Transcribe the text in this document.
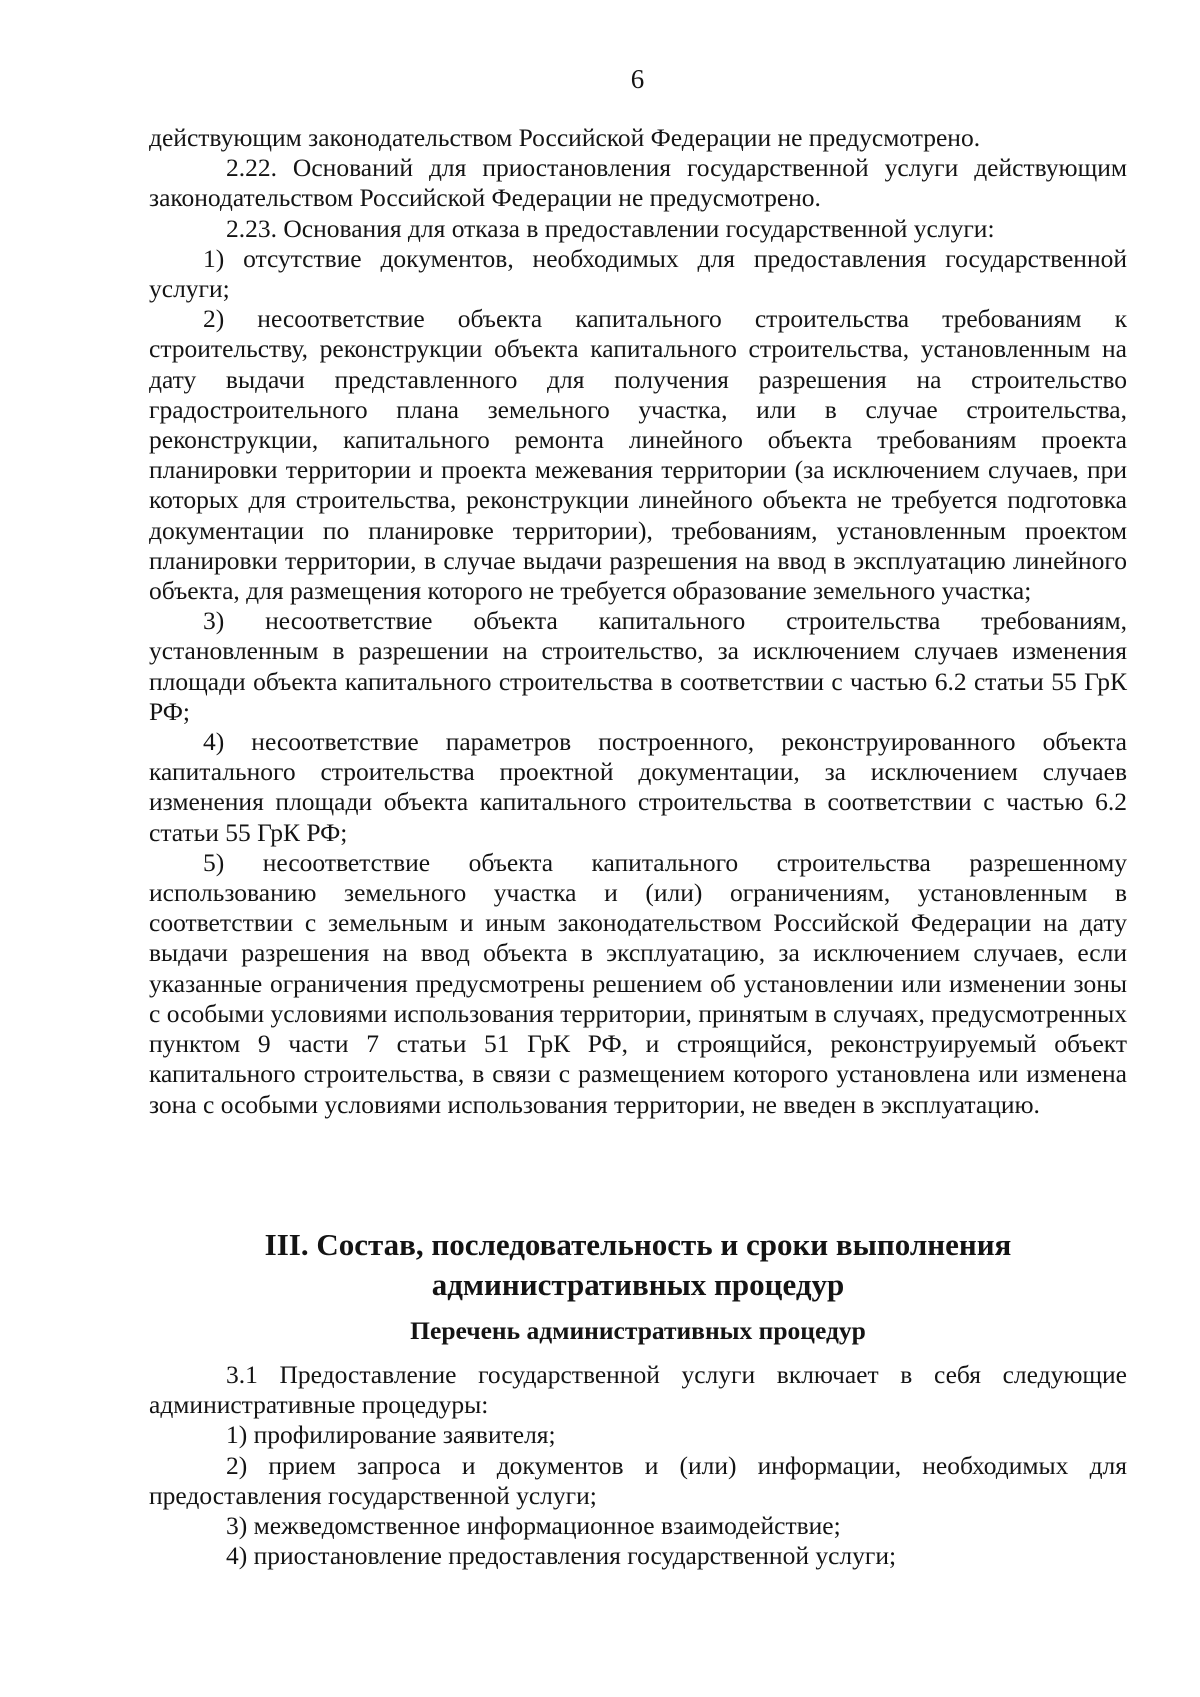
6

действующим законодательством Российской Федерации не предусмотрено.

2.22. Оснований для приостановления государственной услуги действующим законодательством Российской Федерации не предусмотрено.

2.23. Основания для отказа в предоставлении государственной услуги:

1) отсутствие документов, необходимых для предоставления государственной услуги;

2) несоответствие объекта капитального строительства требованиям к строительству, реконструкции объекта капитального строительства, установленным на дату выдачи представленного для получения разрешения на строительство градостроительного плана земельного участка, или в случае строительства, реконструкции, капитального ремонта линейного объекта требованиям проекта планировки территории и проекта межевания территории (за исключением случаев, при которых для строительства, реконструкции линейного объекта не требуется подготовка документации по планировке территории), требованиям, установленным проектом планировки территории, в случае выдачи разрешения на ввод в эксплуатацию линейного объекта, для размещения которого не требуется образование земельного участка;

3) несоответствие объекта капитального строительства требованиям, установленным в разрешении на строительство, за исключением случаев изменения площади объекта капитального строительства в соответствии с частью 6.2 статьи 55 ГрК РФ;

4) несоответствие параметров построенного, реконструированного объекта капитального строительства проектной документации, за исключением случаев изменения площади объекта капитального строительства в соответствии с частью 6.2 статьи 55 ГрК РФ;

5) несоответствие объекта капитального строительства разрешенному использованию земельного участка и (или) ограничениям, установленным в соответствии с земельным и иным законодательством Российской Федерации на дату выдачи разрешения на ввод объекта в эксплуатацию, за исключением случаев, если указанные ограничения предусмотрены решением об установлении или изменении зоны с особыми условиями использования территории, принятым в случаях, предусмотренных пунктом 9 части 7 статьи 51 ГрК РФ, и строящийся, реконструируемый объект капитального строительства, в связи с размещением которого установлена или изменена зона с особыми условиями использования территории, не введен в эксплуатацию.

III. Состав, последовательность и сроки выполнения
административных процедур
Перечень административных процедур

3.1 Предоставление государственной услуги включает в себя следующие административные процедуры:

1) профилирование заявителя;

2) прием запроса и документов и (или) информации, необходимых для предоставления государственной услуги;

3) межведомственное информационное взаимодействие;

4) приостановление предоставления государственной услуги;
